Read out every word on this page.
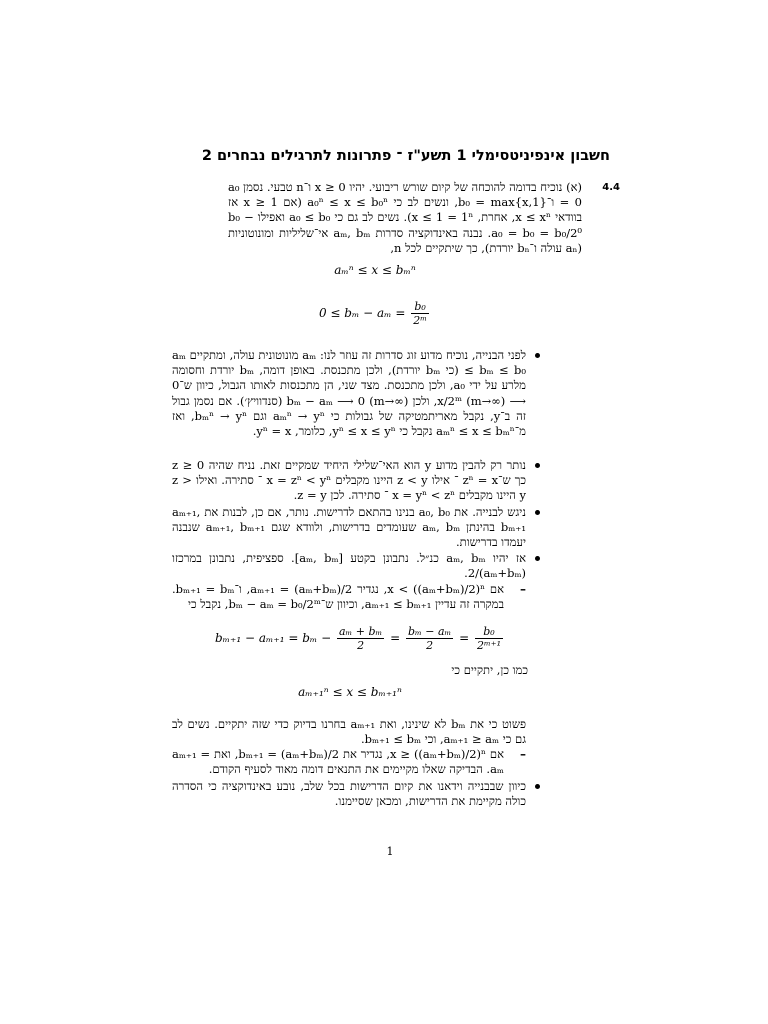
חשבון אינפיניטסימלי 1 תשע"ז ־ פתרונות לתרגילים נבחרים 2
4.4
(א) נוכיח בדומה להוכחה של קיום שורש ריבועי. יהיו 0 ≤ x ו־n טבעי. נסמן a₀ = 0 ו־b₀ = max{x,1}, ונשים לב כי a₀ⁿ ≤ x ≤ b₀ⁿ (אם 1 ≤ x אז בוודאי x ≤ xⁿ, אחרת, x ≤ 1 = 1ⁿ). נשים לב גם כי a₀ ≤ b₀ ואפילו b₀ − a₀ = b₀ = b₀/2⁰. נבנה באינדוקציה סדרות aₘ, bₘ אי־שליליות ומונוטוניות (aₙ עולה ו־bₙ יורדת), כך שיתקיים לכל n,
aₘⁿ ≤ x ≤ bₘⁿ
$0 \le b_m - a_m = \frac{\text{b₀}}{\text{2ᵐ}}$
לפני הבנייה, נוכיח מדוע זוג סדרות זה עוזר לנו: aₘ מונוטונית עולה, ומתקיים aₘ ≤ bₘ ≤ b₀ (כי bₘ יורדת), ולכן מתכנסת. באופן דומה, bₘ יורדת וחסומה מלרע על ידי a₀, ולכן מתכנסת. מצד שני, הן מתכנסות לאותו הגבול, כיוון ש־0 ⟶ x/2ᵐ (m→∞), ולכן bₘ − aₘ ⟶ 0 (m→∞) (סנדוויץ׳). אם נסמן גבול זה ב־y, נקבל מאריתמטיקה של גבולות כי aₘⁿ → yⁿ וגם bₘⁿ → yⁿ, ואז מ־aₘⁿ ≤ x ≤ bₘⁿ נקבל כי yⁿ ≤ x ≤ yⁿ, כלומר, yⁿ = x.
נותר רק להבין מדוע y הוא האי־שלילי היחיד שמקיים זאת. נניח שהיה z ≥ 0 כך ש־zⁿ = x ־ אילו z < y היינו מקבלים x = zⁿ < yⁿ ־ סתירה. ואילו z > y היינו מקבלים x = yⁿ < zⁿ ־ סתירה. לכן z = y.
ניגש לבנייה. את a₀, b₀ בנינו בהתאם לדרישות. נותר, אם כן, לבנות את aₘ₊₁, bₘ₊₁ בהינתן aₘ, bₘ שעומדים בדרישות, ולוודא שגם aₘ₊₁, bₘ₊₁ שנבנה יעמדו בדרישות.
אז יהיו aₘ, bₘ כנ״ל. נתבונן בקטע [aₘ, bₘ]. ספציפית, נתבונן במרכזו (aₘ+bₘ)/2.
–
אם x < ((aₘ+bₘ)/2)ⁿ, נגדיר aₘ₊₁ = (aₘ+bₘ)/2, ו־bₘ₊₁ = bₘ. במקרה זה עדיין aₘ₊₁ ≤ bₘ₊₁, וכיוון ש־bₘ − aₘ = b₀/2ᵐ, נקבל כי
$b_{m+1} - a_{m+1} = b_m - \frac{\text{aₘ + bₘ}}{2} = \frac{\text{bₘ − aₘ}}{2} = \frac{\text{b₀}}{\text{2ᵐ⁺¹}}$
כמו כן, יתקיים כי
aₘ₊₁ⁿ ≤ x ≤ bₘ₊₁ⁿ
פשוט כי את bₘ לא שינינו, ואת aₘ₊₁ בחרנו בדיוק כדי שזה יתקיים. נשים לב גם כי aₘ₊₁ ≥ aₘ, וכי bₘ₊₁ ≤ bₘ.
–
אם x ≥ ((aₘ+bₘ)/2)ⁿ, נגדיר את bₘ₊₁ = (aₘ+bₘ)/2, ואת aₘ₊₁ = aₘ. הבדיקה שאלו מקיימים את התנאים דומה מאוד לסעיף הקודם.
כיוון שבבנייה וידאנו את קיום הדרישות בכל שלב, נובע באינדוקציה כי הסדרה כולה מקיימת את הדרישות, ומכאן שסיימנו.
1
